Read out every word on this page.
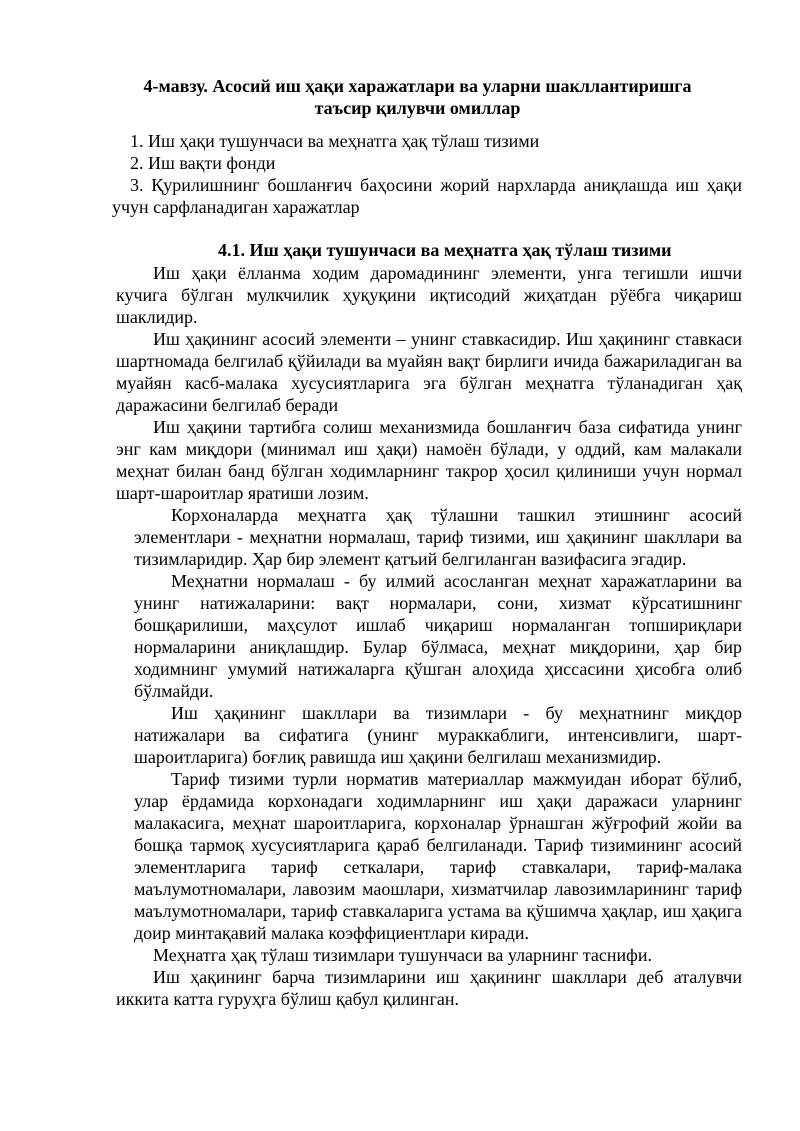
4-мавзу. Асосий иш ҳақи харажатлари ва уларни шакллантиришга
таъсир қилувчи омиллар
1. Иш ҳақи тушунчаси ва меҳнатга ҳақ тўлаш тизими
2. Иш вақти фонди
3. Қурилишнинг бошланғич баҳосини жорий нархларда аниқлашда иш ҳақи учун сарфланадиган харажатлар
4.1. Иш ҳақи тушунчаси ва меҳнатга ҳақ тўлаш тизими

Иш ҳақи ёлланма ходим даромадининг элементи, унга тегишли ишчи кучига бўлган мулкчилик ҳуқуқини иқтисодий жиҳатдан рўёбга чиқариш шаклидир.

Иш ҳақининг асосий элементи – унинг ставкасидир. Иш ҳақининг ставкаси шартномада белгилаб қўйилади ва муайян вақт бирлиги ичида бажариладиган ва муайян касб-малака хусусиятларига эга бўлган меҳнатга тўланадиган ҳақ даражасини белгилаб беради

Иш ҳақини тартибга солиш механизмида бошланғич база сифатида унинг энг кам миқдори (минимал иш ҳақи) намоён бўлади, у оддий, кам малакали меҳнат билан банд бўлган ходимларнинг такрор ҳосил қилиниши учун нормал шарт-шароитлар яратиши лозим.

Корхоналарда меҳнатга ҳақ тўлашни ташкил этишнинг асосий элементлари - меҳнатни нормалаш, тариф тизими, иш ҳақининг шакллари ва тизимларидир. Ҳар бир элемент қатъий белгиланган вазифасига эгадир.

Меҳнатни нормалаш - бу илмий асосланган меҳнат харажатларини ва унинг натижаларини: вақт нормалари, сони, хизмат кўрсатишнинг бошқарилиши, маҳсулот ишлаб чиқариш нормаланган топшириқлари нормаларини аниқлашдир. Булар бўлмаса, меҳнат миқдорини, ҳар бир ходимнинг умумий натижаларга қўшган алоҳида ҳиссасини ҳисобга олиб бўлмайди.

Иш ҳақининг шакллари ва тизимлари - бу меҳнатнинг миқдор натижалари ва сифатига (унинг мураккаблиги, интенсивлиги, шарт-шароитларига) боғлиқ равишда иш ҳақини белгилаш механизмидир.

Тариф тизими турли норматив материаллар мажмуидан иборат бўлиб, улар ёрдамида корхонадаги ходимларнинг иш ҳақи даражаси уларнинг малакасига, меҳнат шароитларига, корхоналар ўрнашган жўғрофий жойи ва бошқа тармоқ хусусиятларига қараб белгиланади. Тариф тизимининг асосий элементларига тариф сеткалари, тариф ставкалари, тариф-малака маълумотномалари, лавозим маошлари, хизматчилар лавозимларининг тариф маълумотномалари, тариф ставкаларига устама ва қўшимча ҳақлар, иш ҳақига доир минтақавий малака коэффициентлари киради.

Меҳнатга ҳақ тўлаш тизимлари тушунчаси ва уларнинг таснифи.

Иш ҳақининг барча тизимларини иш ҳақининг шакллари деб аталувчи иккита катта гуруҳга бўлиш қабул қилинган.
